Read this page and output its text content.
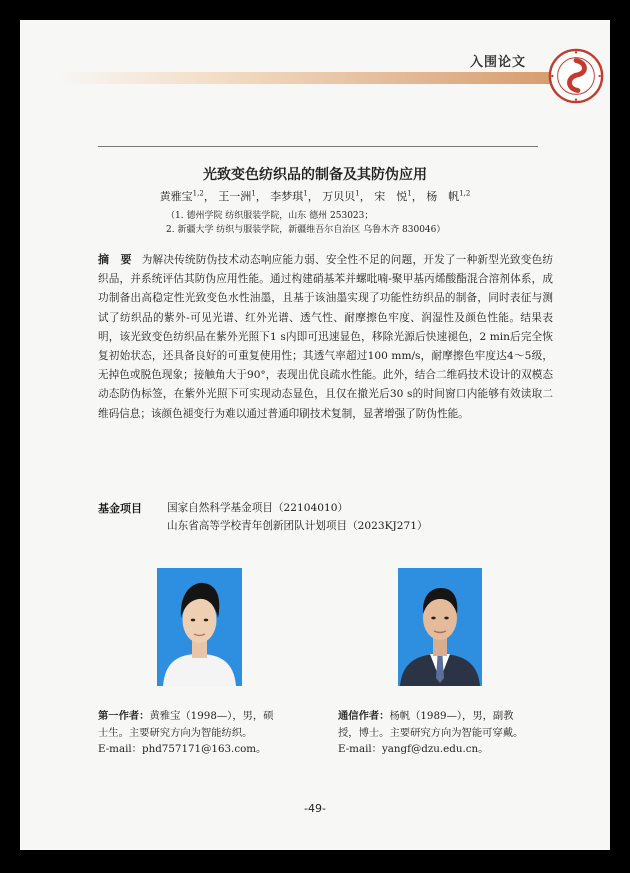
入围论文
光致变色纺织品的制备及其防伪应用
黄雅宝$^{1,2}$， 王一洲$^1$， 李梦琪$^1$， 万贝贝$^1$， 宋　悦$^1$， 杨　帆$^{1,2}$
（1. 德州学院 纺织服装学院，山东 德州 253023；
2. 新疆大学 纺织与服装学院，新疆维吾尔自治区 乌鲁木齐 830046）

摘　要 为解决传统防伪技术动态响应能力弱、安全性不足的问题，开发了一种新型光致变色纺织品，并系统评估其防伪应用性能。通过构建硝基苯并螺吡喃-聚甲基丙烯酸酯混合溶剂体系，成功制备出高稳定性光致变色水性油墨，且基于该油墨实现了功能性纺织品的制备，同时表征与测试了纺织品的紫外-可见光谱、红外光谱、透气性、耐摩擦色牢度、润湿性及颜色性能。结果表明，该光致变色纺织品在紫外光照下1 s内即可迅速显色，移除光源后快速褪色，2 min后完全恢复初始状态，还具备良好的可重复使用性；其透气率超过100 mm/s，耐摩擦色牢度达4～5级，无掉色或脱色现象；接触角大于90°，表现出优良疏水性能。此外，结合二维码技术设计的双模态动态防伪标签，在紫外光照下可实现动态显色，且仅在撤光后30 s的时间窗口内能够有效读取二维码信息；该颜色褪变行为难以通过普通印刷技术复制，显著增强了防伪性能。

基金项目 国家自然科学基金项目（22104010）
山东省高等学校青年创新团队计划项目（2023KJ271）
第一作者：黄雅宝（1998—），男，硕
士生。主要研究方向为智能纺织。
E-mail：phd757171@163.com。
通信作者：杨帆（1989—），男，副教
授，博士。主要研究方向为智能可穿戴。
E-mail：yangf@dzu.edu.cn。
-49-
